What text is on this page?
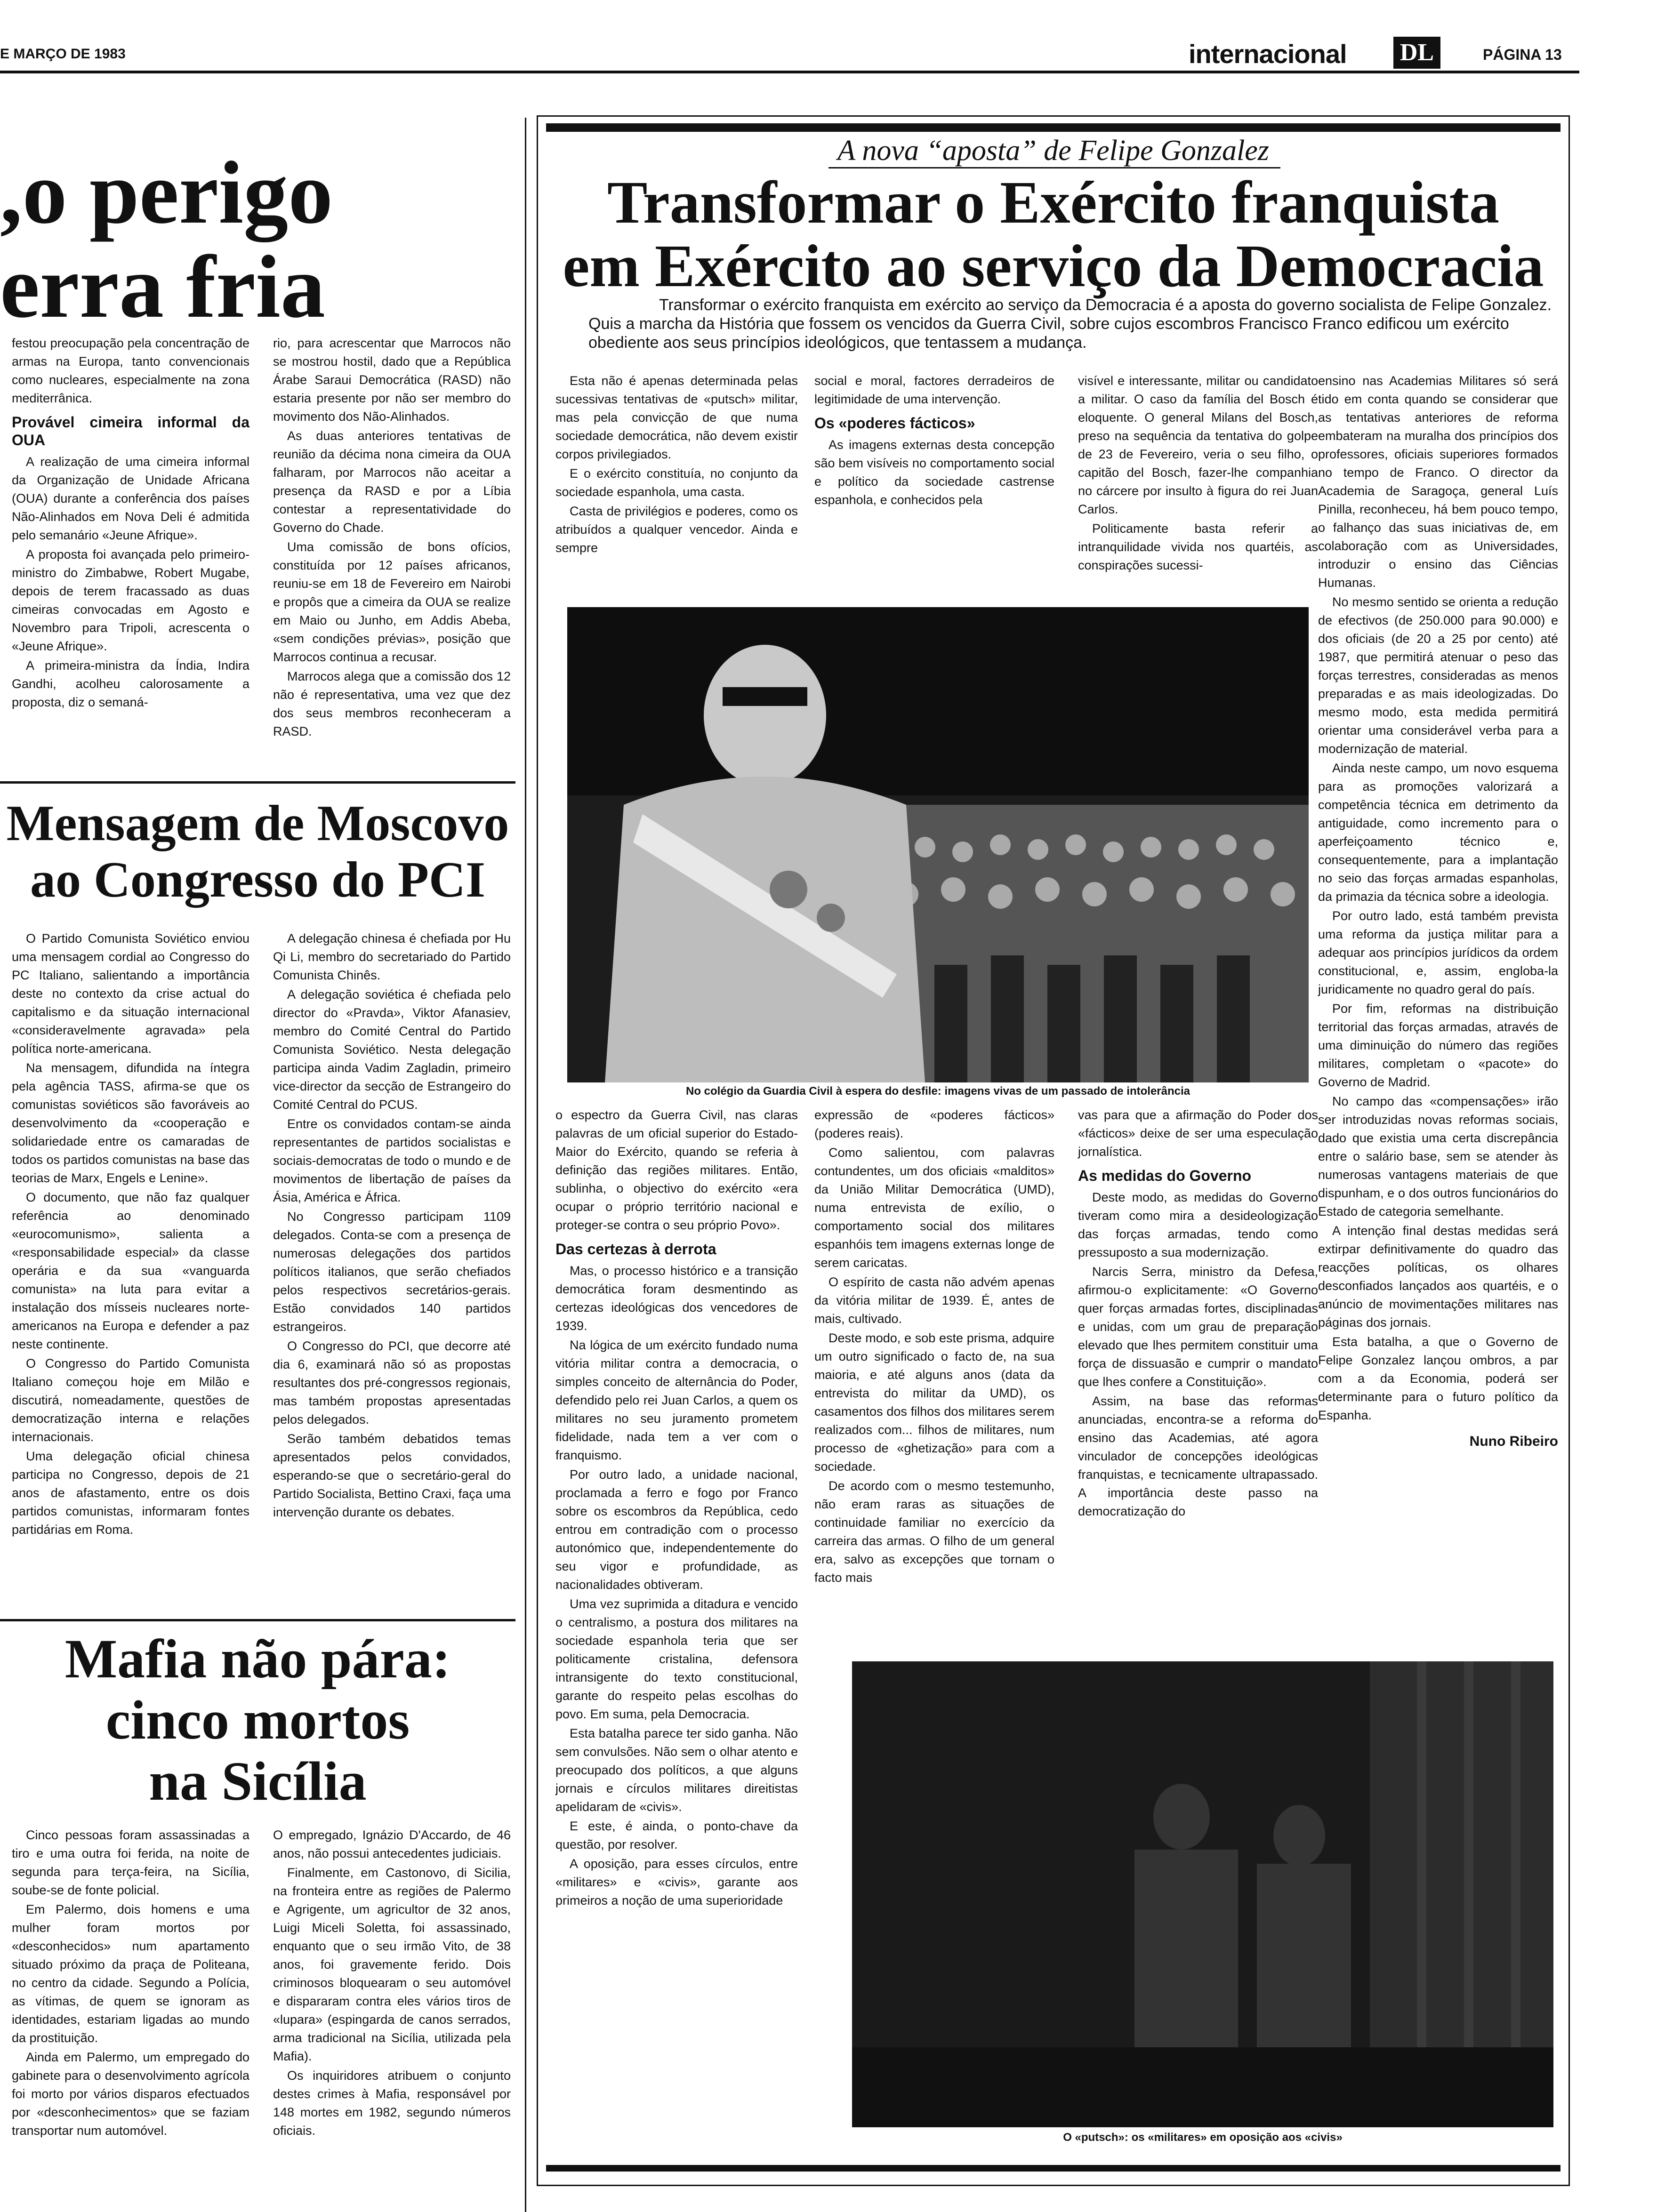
E MARÇO DE 1983	internacional DL	PÁGINA 13
,o perigo
erra fria

festou preocupação pela concentração de armas na Europa, tanto convencionais como nucleares, especialmente na zona mediterrânica.

Provável cimeira informal da OUA

A realização de uma cimeira informal da Organização de Unidade Africana (OUA) durante a conferência dos países Não-Alinhados em Nova Deli é admitida pelo semanário «Jeune Afrique».

A proposta foi avançada pelo primeiro-ministro do Zimbabwe, Robert Mugabe, depois de terem fracassado as duas cimeiras convocadas em Agosto e Novembro para Tripoli, acrescenta o «Jeune Afrique».

A primeira-ministra da Índia, Indira Gandhi, acolheu calorosamente a proposta, diz o semaná-

rio, para acrescentar que Marrocos não se mostrou hostil, dado que a República Árabe Saraui Democrática (RASD) não estaria presente por não ser membro do movimento dos Não-Alinhados.

As duas anteriores tentativas de reunião da décima nona cimeira da OUA falharam, por Marrocos não aceitar a presença da RASD e por a Líbia contestar a representatividade do Governo do Chade.

Uma comissão de bons ofícios, constituída por 12 países africanos, reuniu-se em 18 de Fevereiro em Nairobi e propôs que a cimeira da OUA se realize em Maio ou Junho, em Addis Abeba, «sem condições prévias», posição que Marrocos continua a recusar.

Marrocos alega que a comissão dos 12 não é representativa, uma vez que dez dos seus membros reconheceram a RASD.

Mensagem de Moscovo
ao Congresso do PCI

O Partido Comunista Soviético enviou uma mensagem cordial ao Congresso do PC Italiano, salientando a importância deste no contexto da crise actual do capitalismo e da situação internacional «consideravelmente agravada» pela política norte-americana.

Na mensagem, difundida na íntegra pela agência TASS, afirma-se que os comunistas soviéticos são favoráveis ao desenvolvimento da «cooperação e solidariedade entre os camaradas de todos os partidos comunistas na base das teorias de Marx, Engels e Lenine».

O documento, que não faz qualquer referência ao denominado «eurocomunismo», salienta a «responsabilidade especial» da classe operária e da sua «vanguarda comunista» na luta para evitar a instalação dos mísseis nucleares norte-americanos na Europa e defender a paz neste continente.

O Congresso do Partido Comunista Italiano começou hoje em Milão e discutirá, nomeadamente, questões de democratização interna e relações internacionais.

Uma delegação oficial chinesa participa no Congresso, depois de 21 anos de afastamento, entre os dois partidos comunistas, informaram fontes partidárias em Roma.

A delegação chinesa é chefiada por Hu Qi Li, membro do secretariado do Partido Comunista Chinês.

A delegação soviética é chefiada pelo director do «Pravda», Viktor Afanasiev, membro do Comité Central do Partido Comunista Soviético. Nesta delegação participa ainda Vadim Zagladin, primeiro vice-director da secção de Estrangeiro do Comité Central do PCUS.

Entre os convidados contam-se ainda representantes de partidos socialistas e sociais-democratas de todo o mundo e de movimentos de libertação de países da Ásia, América e África.

No Congresso participam 1109 delegados. Conta-se com a presença de numerosas delegações dos partidos políticos italianos, que serão chefiados pelos respectivos secretários-gerais. Estão convidados 140 partidos estrangeiros.

O Congresso do PCI, que decorre até dia 6, examinará não só as propostas resultantes dos pré-congressos regionais, mas também propostas apresentadas pelos delegados.

Serão também debatidos temas apresentados pelos convidados, esperando-se que o secretário-geral do Partido Socialista, Bettino Craxi, faça uma intervenção durante os debates.

Mafia não pára:
cinco mortos
na Sicília

Cinco pessoas foram assassinadas a tiro e uma outra foi ferida, na noite de segunda para terça-feira, na Sicília, soube-se de fonte policial.

Em Palermo, dois homens e uma mulher foram mortos por «desconhecidos» num apartamento situado próximo da praça de Politeana, no centro da cidade. Segundo a Polícia, as vítimas, de quem se ignoram as identidades, estariam ligadas ao mundo da prostituição.

Ainda em Palermo, um empregado do gabinete para o desenvolvimento agrícola foi morto por vários disparos efectuados por «desconhecimentos» que se faziam transportar num automóvel.

O empregado, Ignázio D'Accardo, de 46 anos, não possui antecedentes judiciais.

Finalmente, em Castonovo, di Sicilia, na fronteira entre as regiões de Palermo e Agrigente, um agricultor de 32 anos, Luigi Miceli Soletta, foi assassinado, enquanto que o seu irmão Vito, de 38 anos, foi gravemente ferido. Dois criminosos bloquearam o seu automóvel e dispararam contra eles vários tiros de «lupara» (espingarda de canos serrados, arma tradicional na Sicília, utilizada pela Mafia).

Os inquiridores atribuem o conjunto destes crimes à Mafia, responsável por 148 mortes em 1982, segundo números oficiais.

A nova “aposta” de Felipe Gonzalez
Transformar o Exército franquista
em Exército ao serviço da Democracia
Transformar o exército franquista em exército ao serviço da Democracia é a aposta do governo socialista de Felipe Gonzalez. Quis a marcha da História que fossem os vencidos da Guerra Civil, sobre cujos escombros Francisco Franco edificou um exército obediente aos seus princípios ideológicos, que tentassem a mudança.

Esta não é apenas determinada pelas sucessivas tentativas de «putsch» militar, mas pela convicção de que numa sociedade democrática, não devem existir corpos privilegiados.

E o exército constituía, no conjunto da sociedade espanhola, uma casta.

Casta de privilégios e poderes, como os atribuídos a qualquer vencedor. Ainda e sempre

social e moral, factores derradeiros de legitimidade de uma intervenção.

Os «poderes fácticos»

As imagens externas desta concepção são bem visíveis no comportamento social e político da sociedade castrense espanhola, e conhecidos pela

visível e interessante, militar ou candidato a militar. O caso da família del Bosch é eloquente. O general Milans del Bosch, preso na sequência da tentativa do golpe de 23 de Fevereiro, veria o seu filho, o capitão del Bosch, fazer-lhe companhia no cárcere por insulto à figura do rei Juan Carlos.

Politicamente basta referir a intranquilidade vivida nos quartéis, as conspirações sucessi-

ensino nas Academias Militares só será tido em conta quando se considerar que as tentativas anteriores de reforma embateram na muralha dos princípios dos professores, oficiais superiores formados no tempo de Franco. O director da Academia de Saragoça, general Luís Pinilla, reconheceu, há bem pouco tempo, o falhanço das suas iniciativas de, em colaboração com as Universidades, introduzir o ensino das Ciências Humanas.

No mesmo sentido se orienta a redução de efectivos (de 250.000 para 90.000) e dos oficiais (de 20 a 25 por cento) até 1987, que permitirá atenuar o peso das forças terrestres, consideradas as menos preparadas e as mais ideologizadas. Do mesmo modo, esta medida permitirá orientar uma considerável verba para a modernização de material.

Ainda neste campo, um novo esquema para as promoções valorizará a competência técnica em detrimento da antiguidade, como incremento para o aperfeiçoamento técnico e, consequentemente, para a implantação no seio das forças armadas espanholas, da primazia da técnica sobre a ideologia.

Por outro lado, está também prevista uma reforma da justiça militar para a adequar aos princípios jurídicos da ordem constitucional, e, assim, engloba-la juridicamente no quadro geral do país.

Por fim, reformas na distribuição territorial das forças armadas, através de uma diminuição do número das regiões militares, completam o «pacote» do Governo de Madrid.

No campo das «compensações» irão ser introduzidas novas reformas sociais, dado que existia uma certa discrepância entre o salário base, sem se atender às numerosas vantagens materiais de que dispunham, e o dos outros funcionários do Estado de categoria semelhante.

A intenção final destas medidas será extirpar definitivamente do quadro das reacções políticas, os olhares desconfiados lançados aos quartéis, e o anúncio de movimentações militares nas páginas dos jornais.

Esta batalha, a que o Governo de Felipe Gonzalez lançou ombros, a par com a da Economia, poderá ser determinante para o futuro político da Espanha.

Nuno Ribeiro
No colégio da Guardia Civil à espera do desfile: imagens vivas de um passado de intolerância

o espectro da Guerra Civil, nas claras palavras de um oficial superior do Estado-Maior do Exército, quando se referia à definição das regiões militares. Então, sublinha, o objectivo do exército «era ocupar o próprio território nacional e proteger-se contra o seu próprio Povo».

Das certezas à derrota

Mas, o processo histórico e a transição democrática foram desmentindo as certezas ideológicas dos vencedores de 1939.

Na lógica de um exército fundado numa vitória militar contra a democracia, o simples conceito de alternância do Poder, defendido pelo rei Juan Carlos, a quem os militares no seu juramento prometem fidelidade, nada tem a ver com o franquismo.

Por outro lado, a unidade nacional, proclamada a ferro e fogo por Franco sobre os escombros da República, cedo entrou em contradição com o processo autonómico que, independentemente do seu vigor e profundidade, as nacionalidades obtiveram.

Uma vez suprimida a ditadura e vencido o centralismo, a postura dos militares na sociedade espanhola teria que ser politicamente cristalina, defensora intransigente do texto constitucional, garante do respeito pelas escolhas do povo. Em suma, pela Democracia.

Esta batalha parece ter sido ganha. Não sem convulsões. Não sem o olhar atento e preocupado dos políticos, a que alguns jornais e círculos militares direitistas apelidaram de «civis».

E este, é ainda, o ponto-chave da questão, por resolver.

A oposição, para esses círculos, entre «militares» e «civis», garante aos primeiros a noção de uma superioridade

expressão de «poderes fácticos» (poderes reais).

Como salientou, com palavras contundentes, um dos oficiais «malditos» da União Militar Democrática (UMD), numa entrevista de exílio, o comportamento social dos militares espanhóis tem imagens externas longe de serem caricatas.

O espírito de casta não advém apenas da vitória militar de 1939. É, antes de mais, cultivado.

Deste modo, e sob este prisma, adquire um outro significado o facto de, na sua maioria, e até alguns anos (data da entrevista do militar da UMD), os casamentos dos filhos dos militares serem realizados com... filhos de militares, num processo de «ghetização» para com a sociedade.

De acordo com o mesmo testemunho, não eram raras as situações de continuidade familiar no exercício da carreira das armas. O filho de um general era, salvo as excepções que tornam o facto mais

vas para que a afirmação do Poder dos «fácticos» deixe de ser uma especulação jornalística.

As medidas do Governo

Deste modo, as medidas do Governo tiveram como mira a desideologização das forças armadas, tendo como pressuposto a sua modernização.

Narcis Serra, ministro da Defesa, afirmou-o explicitamente: «O Governo quer forças armadas fortes, disciplinadas e unidas, com um grau de preparação elevado que lhes permitem constituir uma força de dissuasão e cumprir o mandato que lhes confere a Constituição».

Assim, na base das reformas anunciadas, encontra-se a reforma do ensino das Academias, até agora vinculador de concepções ideológicas franquistas, e tecnicamente ultrapassado. A importância deste passo na democratização do

O «putsch»: os «militares» em oposição aos «civis»
